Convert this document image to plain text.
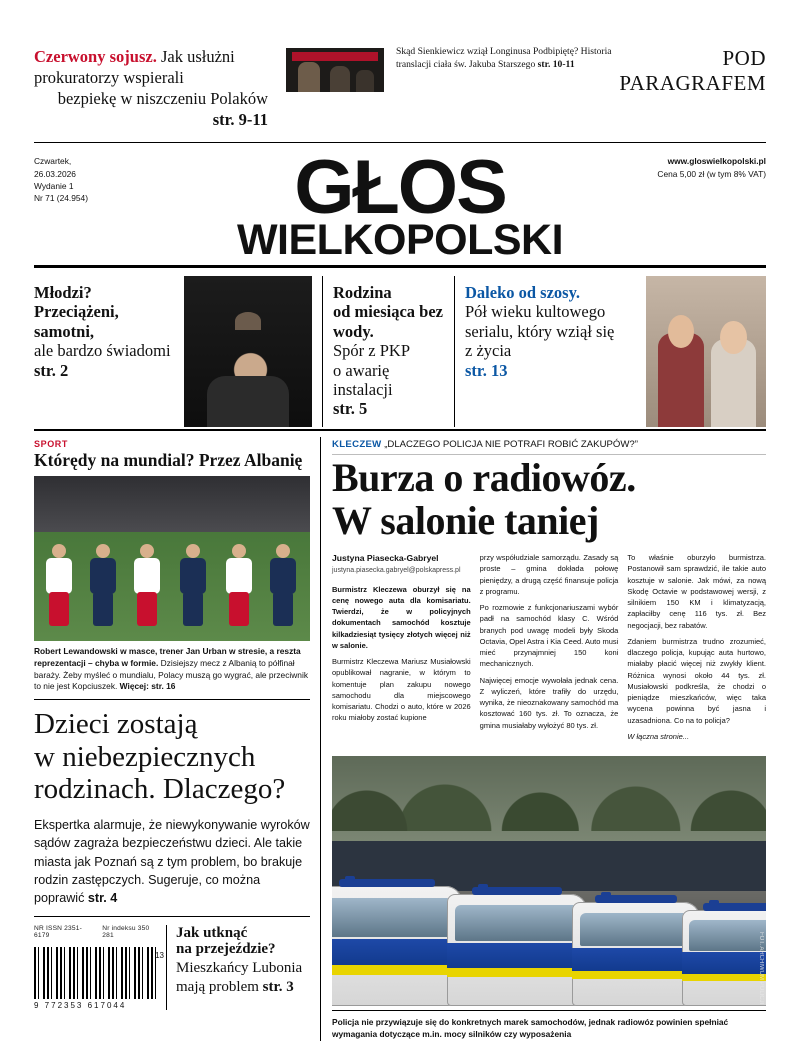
Czerwony sojusz. Jak usłużni prokuratorzy wspierali
bezpiekę w niszczeniu Polaków str. 9-11
Skąd Sienkiewicz wziął Longinusa Podbipiętę? Historia translacji ciała św. Jakuba Starszego str. 10-11	POD
PARAGRAFEM
Czwartek,
26.03.2026
Wydanie 1
Nr 71 (24.954)
www.gloswielkopolski.pl
Cena 5,00 zł (w tym 8% VAT)
GŁOS
WIELKOPOLSKI
Młodzi?
Przeciążeni,
samotni,

ale bardzo świadomi

str. 2

Rodzina
od miesiąca bez
wody.

Spór z PKP

o awarię instalacji

str. 5

Daleko od szosy.

Pół wieku kultowego

serialu, który wziął się

z życia

str. 13

SPORT
Którędy na mundial? Przez Albanię
Robert Lewandowski w masce, trener Jan Urban w stresie, a reszta reprezentacji – chyba w formie. Dzisiejszy mecz z Albanią to półfinał baraży. Żeby myśleć o mundialu, Polacy muszą go wygrać, ale przeciwnik to nie jest Kopciuszek. Więcej: str. 16
Dzieci zostają
w niebezpiecznych
rodzinach. Dlaczego?
Ekspertka alarmuje, że niewykonywanie wyroków sądów zagraża bezpieczeństwu dzieci. Ale takie miasta jak Poznań są z tym problem, bo brakuje rodzin zastępczych. Sugeruje, co można poprawić str. 4
NR ISSN 2351-6179
Nr indeksu 350 281
13
9 772353 617044
Jak utknąć
na przejeździe?

Mieszkańcy Lubonia

mają problem str. 3

KLECZEW „DLACZEGO POLICJA NIE POTRAFI ROBIĆ ZAKUPÓW?”
Burza o radiowóz.
W salonie taniej
Justyna Piasecka-Gabryel
justyna.piasecka.gabryel@polskapress.pl

Burmistrz Kleczewa oburzył się na cenę nowego auta dla komisariatu. Twierdzi, że w policyjnych dokumentach samochód kosztuje kilkadziesiąt tysięcy złotych więcej niż w salonie.

Burmistrz Kleczewa Mariusz Musiałowski opublikował nagranie, w którym to komentuje plan zakupu nowego samochodu dla miejscowego komisariatu. Chodzi o auto, które w 2026 roku miałoby zostać kupione

przy współudziale samorządu. Zasady są proste – gmina dokłada połowę pieniędzy, a drugą część finansuje policja z programu.

Po rozmowie z funkcjonariuszami wybór padł na samochód klasy C. Wśród branych pod uwagę modeli były Skoda Octavia, Opel Astra i Kia Ceed. Auto musi mieć przynajmniej 150 koni mechanicznych.

Najwięcej emocje wywołała jednak cena. Z wyliczeń, które trafiły do urzędu, wynika, że nieoznakowany samochód ma kosztować 160 tys. zł. To oznacza, że gmina musiałaby wyłożyć 80 tys. zł.

To właśnie oburzyło burmistrza. Postanowił sam sprawdzić, ile takie auto kosztuje w salonie. Jak mówi, za nową Skodę Octavie w podstawowej wersji, z silnikiem 150 KM i klimatyzacją, zapłaciłby cenę 116 tys. zł. Bez negocjacji, bez rabatów.

Zdaniem burmistrza trudno zrozumieć, dlaczego policja, kupując auta hurtowo, miałaby płacić więcej niż zwykły klient. Różnica wynosi około 44 tys. zł. Musiałowski podkreśla, że chodzi o pieniądze mieszkańców, więc taka wycena powinna być jasna i uzasadniona. Co na to policja?

W łączna stronie...

FOT. ARCHIWUM POLICJI
Policja nie przywiązuje się do konkretnych marek samochodów, jednak radiowóz powinien spełniać wymagania dotyczące m.in. mocy silników czy wyposażenia
